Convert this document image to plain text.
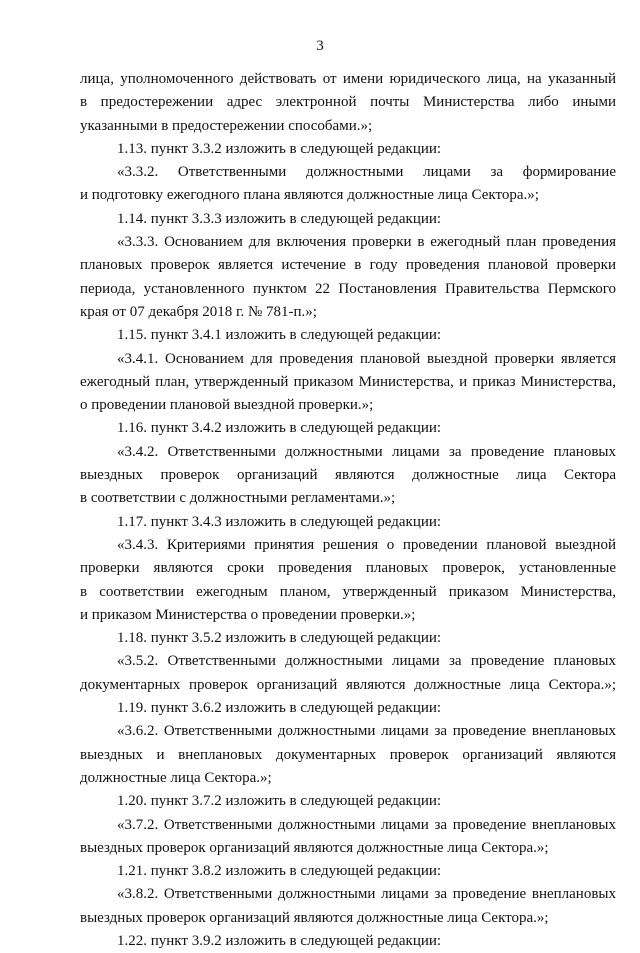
3
лица, уполномоченного действовать от имени юридического лица, на указанный
в предостережении адрес электронной почты Министерства либо иными
указанными в предостережении способами.»;
1.13. пункт 3.3.2 изложить в следующей редакции:
«3.3.2. Ответственными должностными лицами за формирование
и подготовку ежегодного плана являются должностные лица Сектора.»;
1.14. пункт 3.3.3 изложить в следующей редакции:
«3.3.3. Основанием для включения проверки в ежегодный план проведения
плановых проверок является истечение в году проведения плановой проверки
периода, установленного пунктом 22 Постановления Правительства Пермского
края от 07 декабря 2018 г. № 781-п.»;
1.15. пункт 3.4.1 изложить в следующей редакции:
«3.4.1. Основанием для проведения плановой выездной проверки является
ежегодный план, утвержденный приказом Министерства, и приказ Министерства,
о проведении плановой выездной проверки.»;
1.16. пункт 3.4.2 изложить в следующей редакции:
«3.4.2. Ответственными должностными лицами за проведение плановых
выездных проверок организаций являются должностные лица Сектора
в соответствии с должностными регламентами.»;
1.17. пункт 3.4.3 изложить в следующей редакции:
«3.4.3. Критериями принятия решения о проведении плановой выездной
проверки являются сроки проведения плановых проверок, установленные
в соответствии ежегодным планом, утвержденный приказом Министерства,
и приказом Министерства о проведении проверки.»;
1.18. пункт 3.5.2 изложить в следующей редакции:
«3.5.2. Ответственными должностными лицами за проведение плановых
документарных проверок организаций являются должностные лица Сектора.»;
1.19. пункт 3.6.2 изложить в следующей редакции:
«3.6.2. Ответственными должностными лицами за проведение внеплановых
выездных и внеплановых документарных проверок организаций являются
должностные лица Сектора.»;
1.20. пункт 3.7.2 изложить в следующей редакции:
«3.7.2. Ответственными должностными лицами за проведение внеплановых
выездных проверок организаций являются должностные лица Сектора.»;
1.21. пункт 3.8.2 изложить в следующей редакции:
«3.8.2. Ответственными должностными лицами за проведение внеплановых
выездных проверок организаций являются должностные лица Сектора.»;
1.22. пункт 3.9.2 изложить в следующей редакции:
